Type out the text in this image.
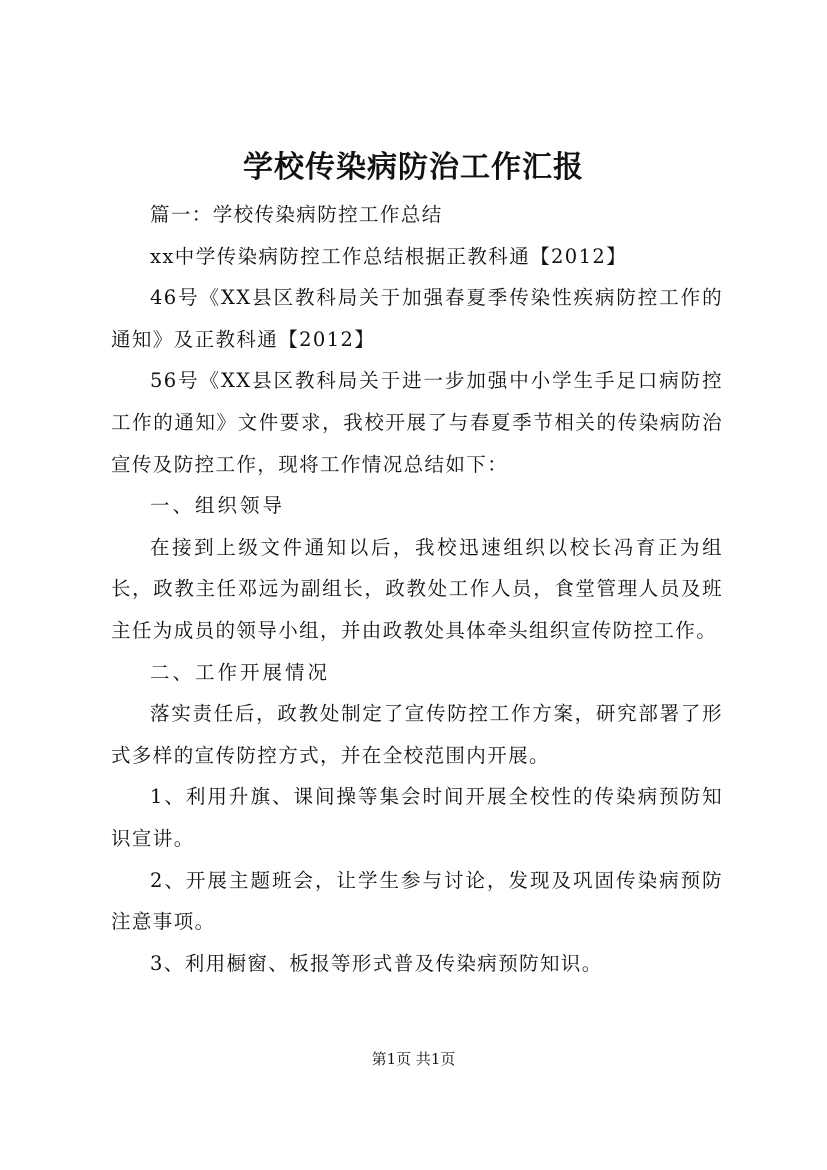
学校传染病防治工作汇报

篇一：学校传染病防控工作总结

xx中学传染病防控工作总结根据正教科通【2012】

46号《XX县区教科局关于加强春夏季传染性疾病防控工作的通知》及正教科通【2012】

56号《XX县区教科局关于进一步加强中小学生手足口病防控工作的通知》文件要求，我校开展了与春夏季节相关的传染病防治宣传及防控工作，现将工作情况总结如下：

一、组织领导

在接到上级文件通知以后，我校迅速组织以校长冯育正为组长，政教主任邓远为副组长，政教处工作人员，食堂管理人员及班主任为成员的领导小组，并由政教处具体牵头组织宣传防控工作。

二、工作开展情况

落实责任后，政教处制定了宣传防控工作方案，研究部署了形式多样的宣传防控方式，并在全校范围内开展。

1、利用升旗、课间操等集会时间开展全校性的传染病预防知识宣讲。

2、开展主题班会，让学生参与讨论，发现及巩固传染病预防注意事项。

3、利用橱窗、板报等形式普及传染病预防知识。

第1页 共1页
